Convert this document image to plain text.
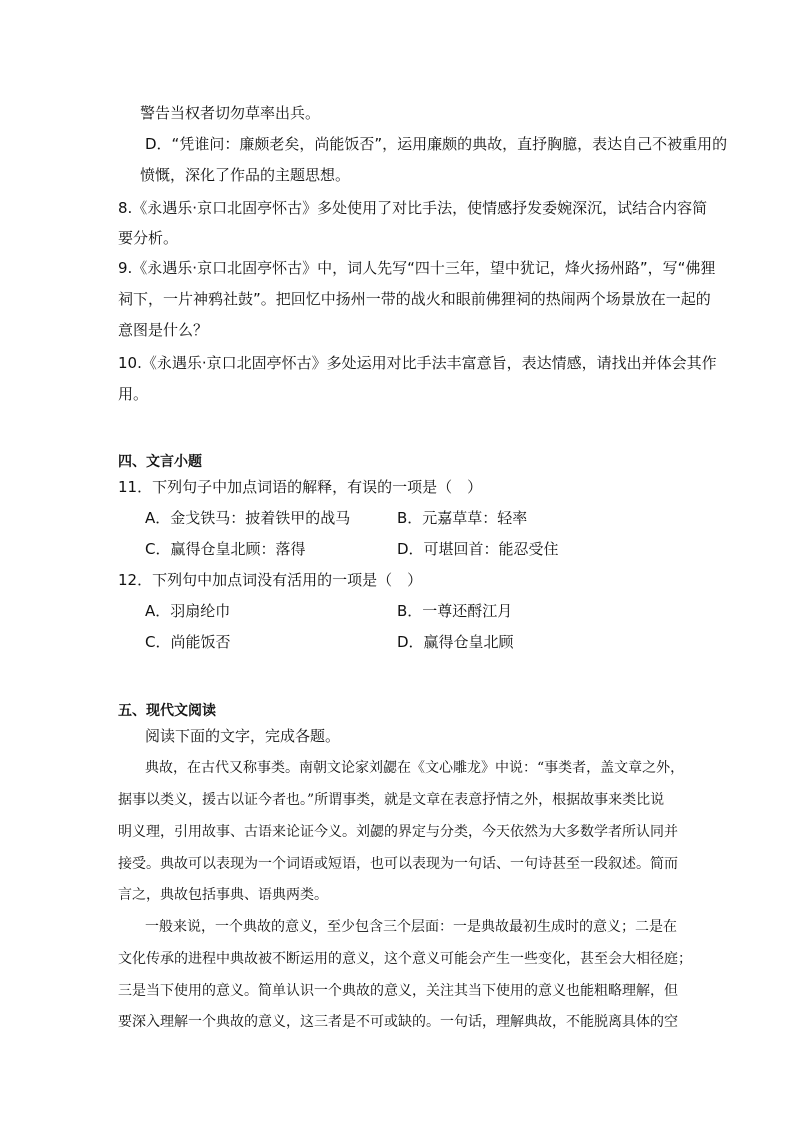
警告当权者切勿草率出兵。
D．“凭谁问：廉颇老矣，尚能饭否”，运用廉颇的典故，直抒胸臆，表达自己不被重用的
愤慨，深化了作品的主题思想。
8.《永遇乐·京口北固亭怀古》多处使用了对比手法，使情感抒发委婉深沉，试结合内容简
要分析。
9.《永遇乐·京口北固亭怀古》中，词人先写“四十三年，望中犹记，烽火扬州路”，写“佛狸
祠下，一片神鸦社鼓”。把回忆中扬州一带的战火和眼前佛狸祠的热闹两个场景放在一起的
意图是什么？
10.《永遇乐·京口北固亭怀古》多处运用对比手法丰富意旨，表达情感，请找出并体会其作
用。
四、文言小题
11．下列句子中加点词语的解释，有误的一项是（　）
A．金戈铁马：披着铁甲的战马	B．元嘉草草：轻率
C．赢得仓皇北顾：落得	D．可堪回首：能忍受住
12．下列句中加点词没有活用的一项是（　）
A．羽扇纶巾	B．一尊还酹江月
C．尚能饭否	D．赢得仓皇北顾
五、现代文阅读
阅读下面的文字，完成各题。
典故，在古代又称事类。南朝文论家刘勰在《文心雕龙》中说：“事类者，盖文章之外，
据事以类义，援古以证今者也。”所谓事类，就是文章在表意抒情之外，根据故事来类比说
明义理，引用故事、古语来论证今义。刘勰的界定与分类，今天依然为大多数学者所认同并
接受。典故可以表现为一个词语或短语，也可以表现为一句话、一句诗甚至一段叙述。简而
言之，典故包括事典、语典两类。
一般来说，一个典故的意义，至少包含三个层面：一是典故最初生成时的意义；二是在
文化传承的进程中典故被不断运用的意义，这个意义可能会产生一些变化，甚至会大相径庭；
三是当下使用的意义。简单认识一个典故的意义，关注其当下使用的意义也能粗略理解，但
要深入理解一个典故的意义，这三者是不可或缺的。一句话，理解典故，不能脱离具体的空
